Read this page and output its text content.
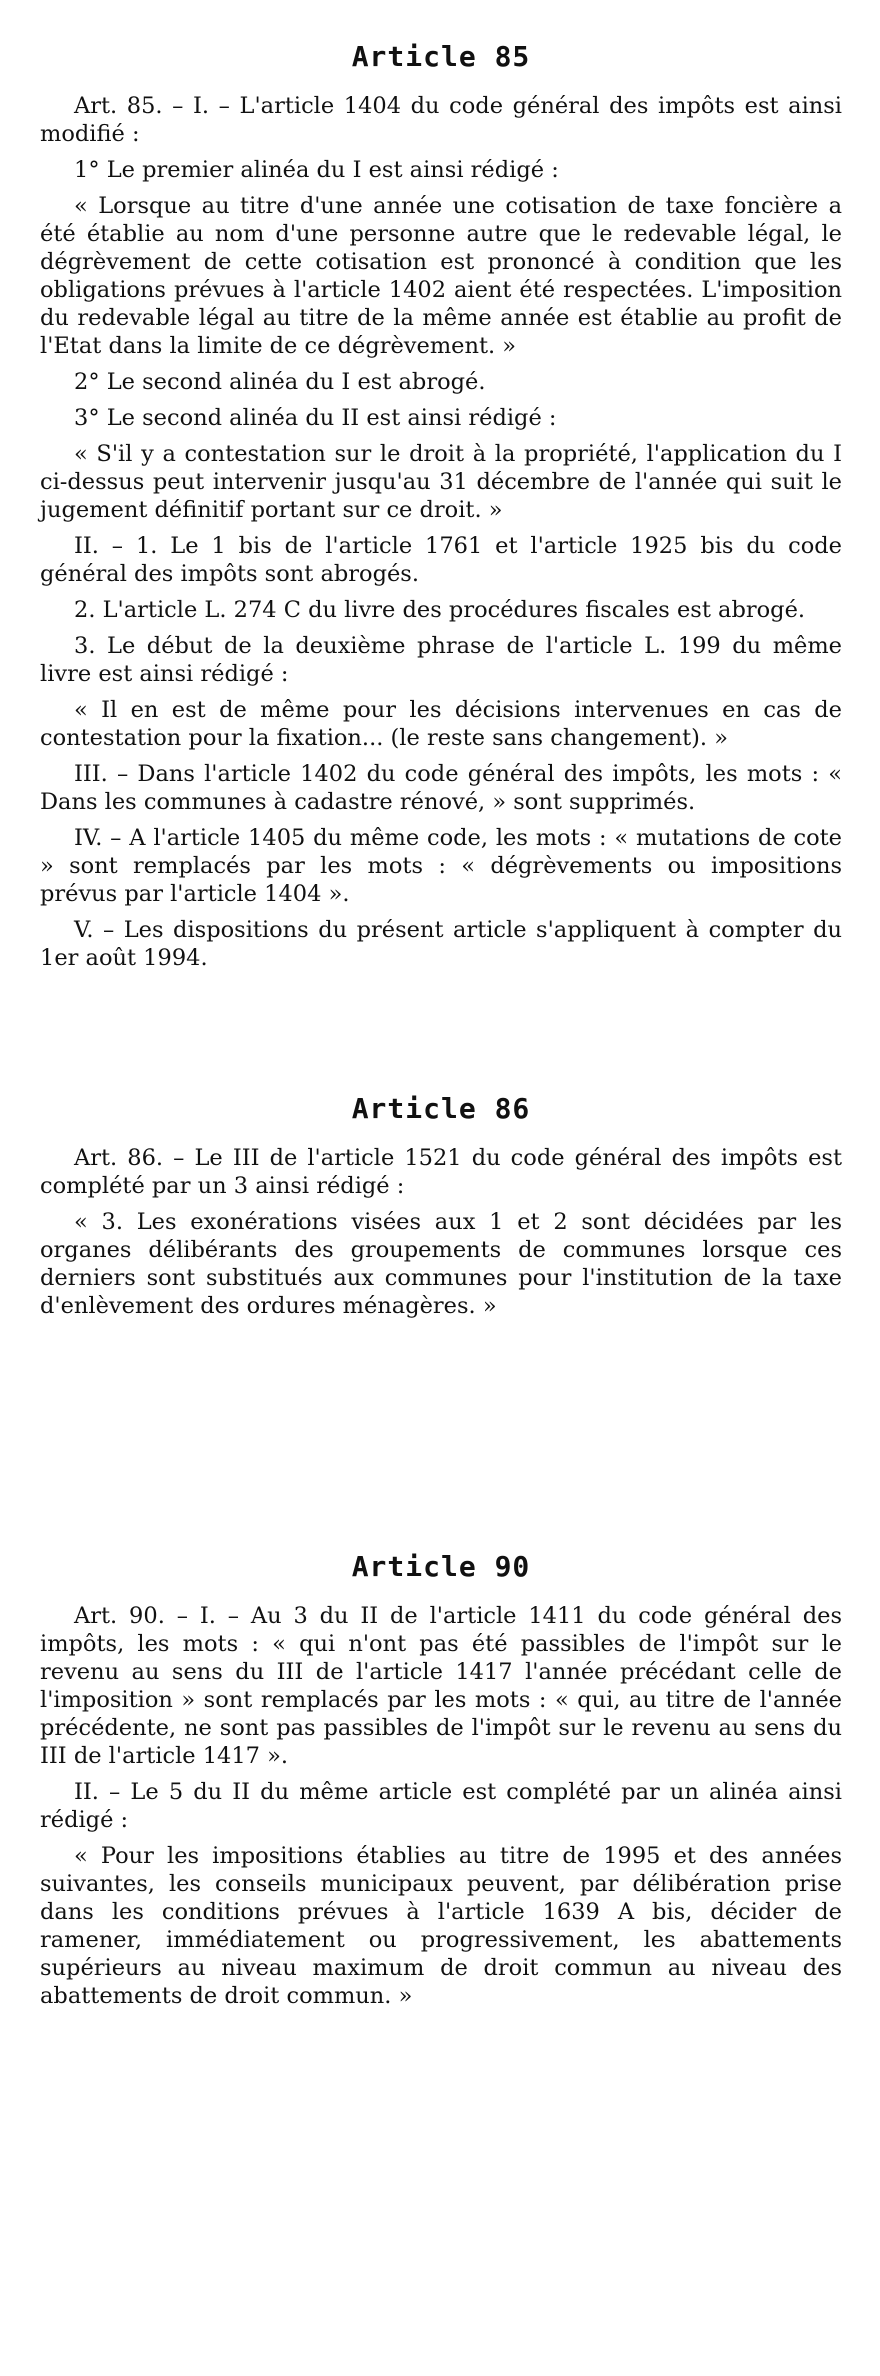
Article 85

Art. 85. – I. – L'article 1404 du code général des impôts est ainsi modifié :

1° Le premier alinéa du I est ainsi rédigé :

« Lorsque au titre d'une année une cotisation de taxe foncière a été établie au nom d'une personne autre que le redevable légal, le dégrèvement de cette cotisation est prononcé à condition que les obligations prévues à l'article 1402 aient été respectées. L'imposition du redevable légal au titre de la même année est établie au profit de l'Etat dans la limite de ce dégrèvement. »

2° Le second alinéa du I est abrogé.

3° Le second alinéa du II est ainsi rédigé :

« S'il y a contestation sur le droit à la propriété, l'application du I ci-dessus peut intervenir jusqu'au 31 décembre de l'année qui suit le jugement définitif portant sur ce droit. »

II. – 1. Le 1 bis de l'article 1761 et l'article 1925 bis du code général des impôts sont abrogés.

2. L'article L. 274 C du livre des procédures fiscales est abrogé.

3. Le début de la deuxième phrase de l'article L. 199 du même livre est ainsi rédigé :

« Il en est de même pour les décisions intervenues en cas de contestation pour la fixation... (le reste sans changement). »

III. – Dans l'article 1402 du code général des impôts, les mots : « Dans les communes à cadastre rénové, » sont supprimés.

IV. – A l'article 1405 du même code, les mots : « mutations de cote » sont remplacés par les mots : « dégrèvements ou impositions prévus par l'article 1404 ».

V. – Les dispositions du présent article s'appliquent à compter du 1er août 1994.

Article 86

Art. 86. – Le III de l'article 1521 du code général des impôts est complété par un 3 ainsi rédigé :

« 3. Les exonérations visées aux 1 et 2 sont décidées par les organes délibérants des groupements de communes lorsque ces derniers sont substitués aux communes pour l'institution de la taxe d'enlèvement des ordures ménagères. »

Article 90

Art. 90. – I. – Au 3 du II de l'article 1411 du code général des impôts, les mots : « qui n'ont pas été passibles de l'impôt sur le revenu au sens du III de l'article 1417 l'année précédant celle de l'imposition » sont remplacés par les mots : « qui, au titre de l'année précédente, ne sont pas passibles de l'impôt sur le revenu au sens du III de l'article 1417 ».

II. – Le 5 du II du même article est complété par un alinéa ainsi rédigé :

« Pour les impositions établies au titre de 1995 et des années suivantes, les conseils municipaux peuvent, par délibération prise dans les conditions prévues à l'article 1639 A bis, décider de ramener, immédiatement ou progressivement, les abattements supérieurs au niveau maximum de droit commun au niveau des abattements de droit commun. »
